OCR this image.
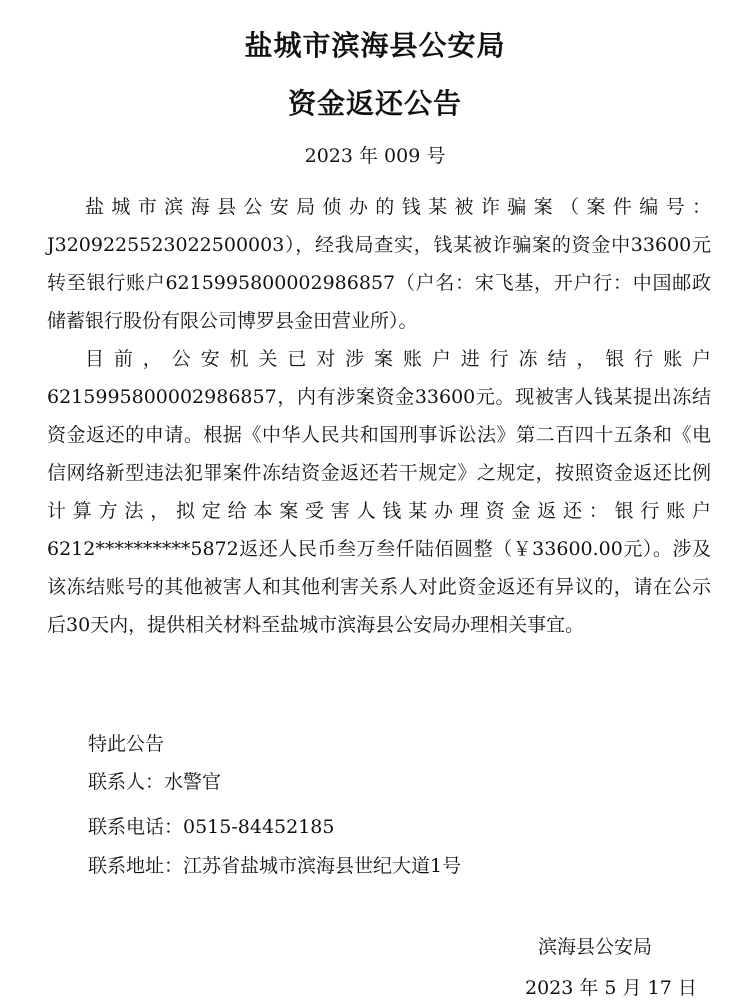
盐城市滨海县公安局
资金返还公告
2023 年 009 号

盐城市滨海县公安局侦办的钱某被诈骗案（案件编号：J3209225523022500003），经我局查实，钱某被诈骗案的资金中33600元转至银行账户6215995800002986857（户名：宋飞基，开户行：中国邮政储蓄银行股份有限公司博罗县金田营业所）。

目前，公安机关已对涉案账户进行冻结，银行账户6215995800002986857，内有涉案资金33600元。现被害人钱某提出冻结资金返还的申请。根据《中华人民共和国刑事诉讼法》第二百四十五条和《电信网络新型违法犯罪案件冻结资金返还若干规定》之规定，按照资金返还比例计算方法，拟定给本案受害人钱某办理资金返还：银行账户6212**********5872返还人民币叁万叁仟陆佰圆整（￥33600.00元）。涉及该冻结账号的其他被害人和其他利害关系人对此资金返还有异议的，请在公示后30天内，提供相关材料至盐城市滨海县公安局办理相关事宜。

特此公告
联系人：水警官
联系电话：0515-84452185
联系地址：江苏省盐城市滨海县世纪大道1号
滨海县公安局
2023 年 5 月 17 日
